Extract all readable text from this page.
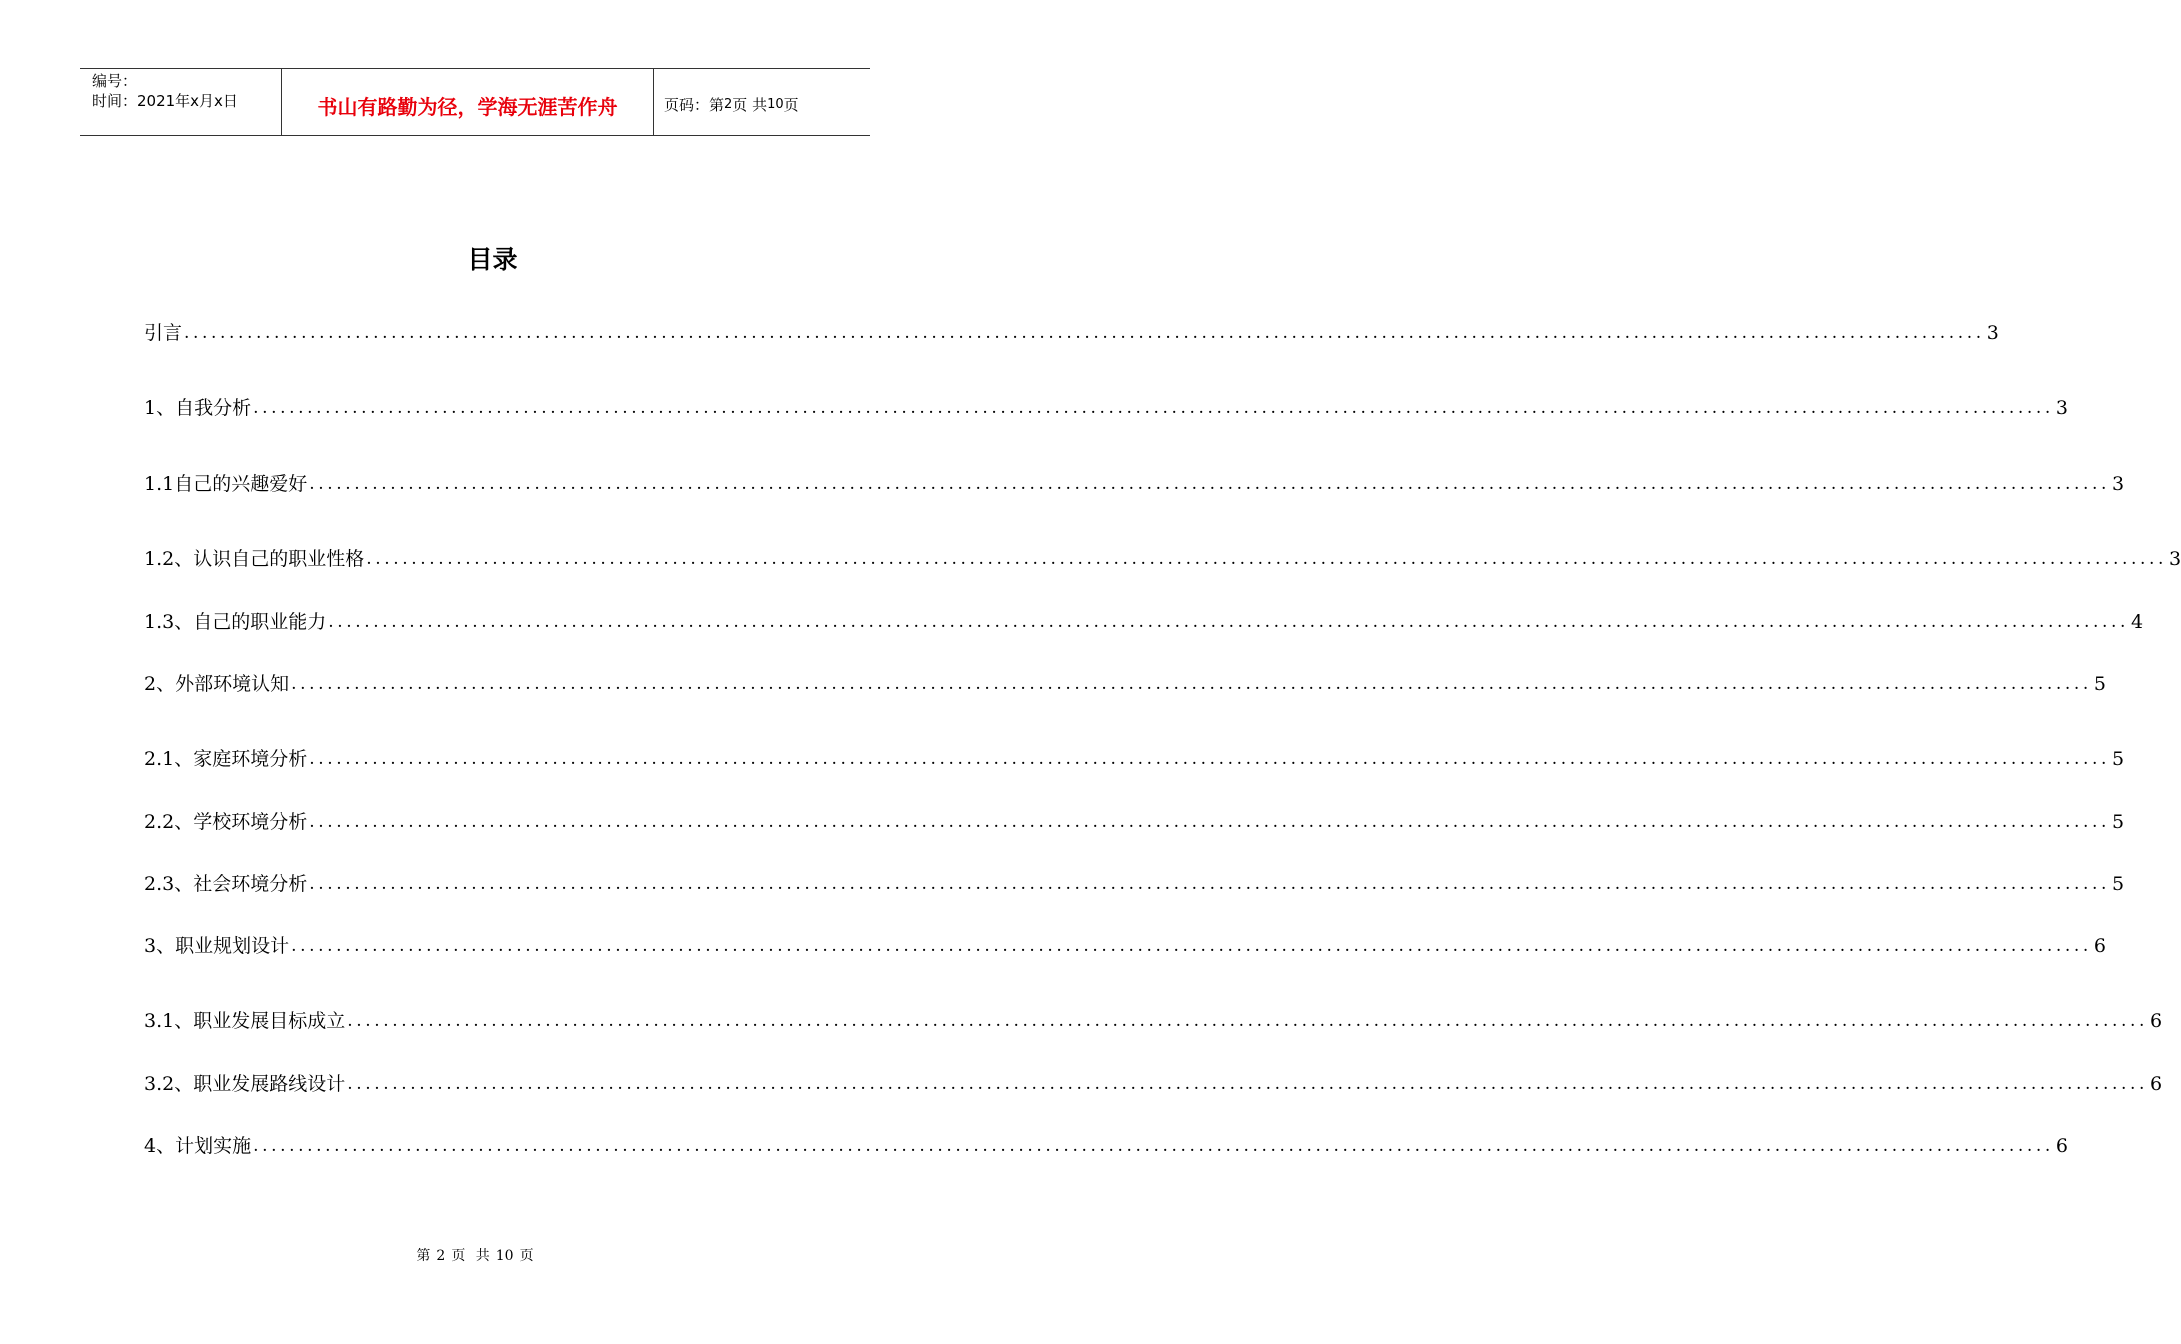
编号：
时间：2021年x月x日	书山有路勤为径，学海无涯苦作舟	页码：第 2 页 共 10 页
目录
引言 ........................................................................................................................................................................................................ 3
1、自我分析 ........................................................................................................................................................................................................ 3
1.1自己的兴趣爱好 ........................................................................................................................................................................................................ 3
1.2、认识自己的职业性格 ........................................................................................................................................................................................................ 3
1.3、自己的职业能力 ........................................................................................................................................................................................................ 4
2、外部环境认知 ........................................................................................................................................................................................................ 5
2.1、家庭环境分析 ........................................................................................................................................................................................................ 5
2.2、学校环境分析 ........................................................................................................................................................................................................ 5
2.3、社会环境分析 ........................................................................................................................................................................................................ 5
3、职业规划设计 ........................................................................................................................................................................................................ 6
3.1、职业发展目标成立 ........................................................................................................................................................................................................ 6
3.2、职业发展路线设计 ........................................................................................................................................................................................................ 6
4、计划实施 ........................................................................................................................................................................................................ 6
第 2 页 共 10 页
